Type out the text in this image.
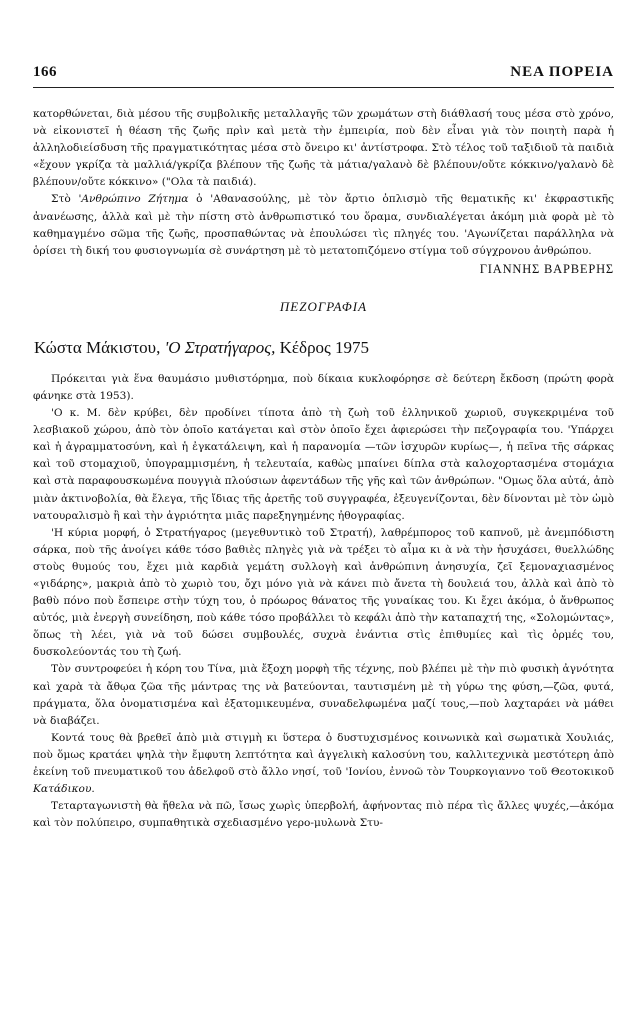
166	ΝΕΑ ΠΟΡΕΙΑ

κατορθώνεται, διὰ μέσου τῆς συμβολικῆς μεταλλαγῆς τῶν χρωμάτων στὴ διάθλασή τους μέσα στὸ χρόνο, νὰ εἰκονιστεῖ ἡ θέαση τῆς ζωῆς πρὶν καὶ μετὰ τὴν ἐμπειρία, ποὺ δὲν εἶναι γιὰ τὸν ποιητὴ παρὰ ἡ ἀλληλοδιείσδυση τῆς πραγματικότητας μέσα στὸ ὄνειρο κι' ἀντίστροφα. Στὸ τέλος τοῦ ταξιδιοῦ τὰ παιδιὰ «ἔχουν γκρίζα τὰ μαλλιά/γκρίζα βλέπουν τῆς ζωῆς τὰ μάτια/γαλανὸ δὲ βλέπουν/οὔτε κόκκινο/γαλανὸ δὲ βλέπουν/οὔτε κόκκινο» ("Ολα τὰ παιδιά).

Στὸ 'Ανθρώπινο Ζήτημα ὁ 'Αθανασούλης, μὲ τὸν ἄρτιο ὁπλισμὸ τῆς θεματικῆς κι' ἐκφραστικῆς ἀνανέωσης, ἀλλὰ καὶ μὲ τὴν πίστη στὸ ἀνθρωπιστικό του ὅραμα, συνδιαλέγεται ἀκόμη μιὰ φορὰ μὲ τὸ καθημαγμένο σῶμα τῆς ζωῆς, προσπαθώντας νὰ ἐπουλώσει τὶς πληγές του. 'Αγωνίζεται παράλληλα νὰ ὁρίσει τὴ δική του φυσιογνωμία σὲ συνάρτηση μὲ τὸ μετατοπιζόμενο στίγμα τοῦ σύγχρονου ἀνθρώπου.

ΓΙΑΝΝΗΣ ΒΑΡΒΕΡΗΣ
ΠΕΖΟΓΡΑΦΙΑ
Κώστα Μάκιστου, 'Ο Στρατήγαρος, Κέδρος 1975

Πρόκειται γιὰ ἕνα θαυμάσιο μυθιστόρημα, ποὺ δίκαια κυκλοφόρησε σὲ δεύτερη ἔκδοση (πρώτη φορὰ φάνηκε στὰ 1953).

'Ο κ. Μ. δὲν κρύβει, δὲν προδίνει τίποτα ἀπὸ τὴ ζωὴ τοῦ ἑλληνικοῦ χωριοῦ, συγκεκριμένα τοῦ λεσβιακοῦ χώρου, ἀπὸ τὸν ὁποῖο κατάγεται καὶ στὸν ὁποῖο ἔχει ἀφιερώσει τὴν πεζογραφία του. 'Υπάρχει καὶ ἡ ἀγραμματοσύνη, καὶ ἡ ἐγκατάλειψη, καὶ ἡ παρανομία —τῶν ἰσχυρῶν κυρίως—, ἡ πεῖνα τῆς σάρκας καὶ τοῦ στομαχιοῦ, ὑπογραμμισμένη, ἡ τελευταία, καθὼς μπαίνει δίπλα στὰ καλοχορτασμένα στομάχια καὶ στὰ παραφουσκωμένα πουγγιὰ πλούσιων ἀφεντάδων τῆς γῆς καὶ τῶν ἀνθρώπων. "Ομως ὅλα αὐτά, ἀπὸ μιὰν ἀκτινοβολία, θὰ ἔλεγα, τῆς ἴδιας τῆς ἀρετῆς τοῦ συγγραφέα, ἐξευγενίζονται, δὲν δίνονται μὲ τὸν ὠμὸ νατουραλισμὸ ἢ καὶ τὴν ἀγριότητα μιᾶς παρεξηγημένης ἠθογραφίας.

'Η κύρια μορφή, ὁ Στρατήγαρος (μεγεθυντικὸ τοῦ Στρατή), λαθρέμπορος τοῦ καπνοῦ, μὲ ἀνεμπόδιστη σάρκα, ποὺ τῆς ἀνοίγει κάθε τόσο βαθιὲς πληγὲς γιὰ νὰ τρέξει τὸ αἷμα κι ὰ νὰ τὴν ἡσυχάσει, θυελλώδης στοὺς θυμούς του, ἔχει μιὰ καρδιὰ γεμάτη συλλογὴ καὶ ἀνθρώπινη ἀνησυχία, ζεῖ ξεμοναχιασμένος «γιδάρης», μακριὰ ἀπὸ τὸ χωριὸ του, ὄχι μόνο γιὰ νὰ κάνει πιὸ ἄνετα τὴ δουλειά του, ἀλλὰ καὶ ἀπὸ τὸ βαθὺ πόνο ποὺ ἔσπειρε στὴν τύχη του, ὁ πρόωρος θάνατος τῆς γυναίκας του. Κι ἔχει ἀκόμα, ὁ ἄνθρωπος αὐτός, μιὰ ἐνεργὴ συνείδηση, ποὺ κάθε τόσο προβάλλει τὸ κεφάλι ἀπὸ τὴν καταπαχτή της, «Σολομώντας», ὅπως τὴ λέει, γιὰ νὰ τοῦ δώσει συμβουλές, συχνὰ ἐνάντια στὶς ἐπιθυμίες καὶ τὶς ὁρμές του, δυσκολεύοντάς του τὴ ζωή.

Τὸν συντροφεύει ἡ κόρη του Τίνα, μιὰ ἔξοχη μορφὴ τῆς τέχνης, ποὺ βλέπει μὲ τὴν πιὸ φυσικὴ ἀγνότητα καὶ χαρὰ τὰ ἄθῳα ζῶα τῆς μάντρας της νὰ βατεύονται, ταυτισμένη μὲ τὴ γύρω της φύση,—ζῶα, φυτά, πράγματα, ὅλα ὀνοματισμένα καὶ ἐξατομικευμένα, συναδελφωμένα μαζί τους,—ποὺ λαχταράει νὰ μάθει νὰ διαβάζει.

Κοντά τους θὰ βρεθεῖ ἀπὸ μιὰ στιγμὴ κι ὕστερα ὁ δυστυχισμένος κοινωνικὰ καὶ σωματικὰ Χουλιάς, ποὺ ὅμως κρατάει ψηλὰ τὴν ἔμφυτη λεπτότητα καὶ ἀγγελικὴ καλοσύνη του, καλλιτεχνικὰ μεστότερη ἀπὸ ἐκείνη τοῦ πνευματικοῦ του ἀδελφοῦ στὸ ἄλλο νησί, τοῦ 'Ιονίου, ἐννοῶ τὸν Τουρκογιαννο τοῦ Θεοτοκικοῦ Κατάδικου.

Τεταρταγωνιστὴ θὰ ἤθελα νὰ πῶ, ἴσως χωρὶς ὑπερβολή, ἀφήνοντας πιὸ πέρα τὶς ἄλλες ψυχές,—ἀκόμα καὶ τὸν πολύπειρο, συμπαθητικὰ σχεδιασμένο γερο-μυλωνὰ Στυ-
